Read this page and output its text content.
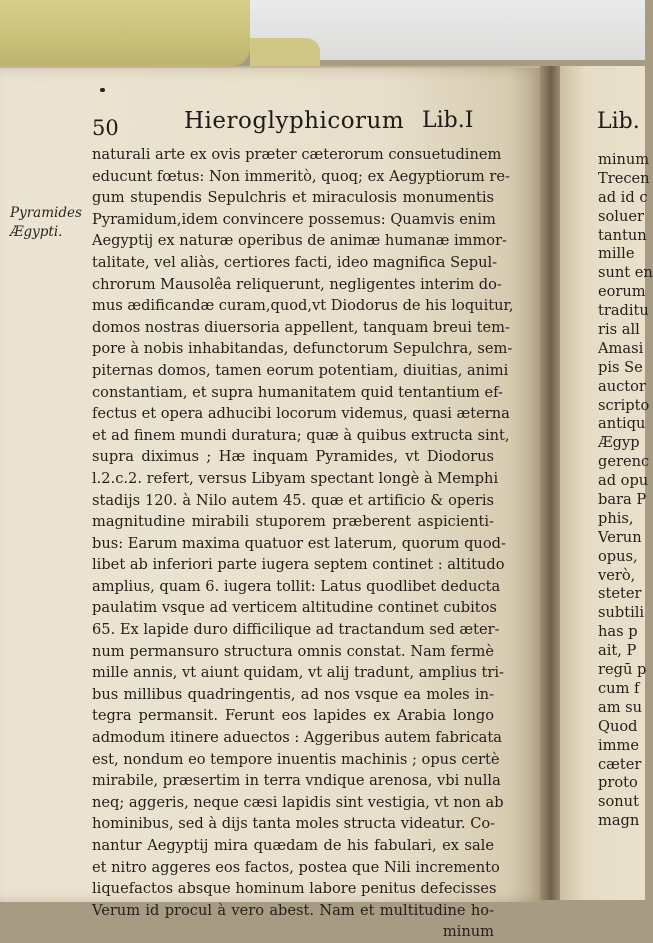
50	Hieroglyphicorum Lib.I
Pyramides
Ægypti.
naturali arte ex ovis præter cæterorum consuetudinem
educunt fœtus: Non immeritò, quoq; ex Aegyptiorum re-
gum stupendis Sepulchris et miraculosis monumentis
Pyramidum,idem convincere possemus: Quamvis enim
Aegyptij ex naturæ operibus de animæ humanæ immor-
talitate, vel aliàs, certiores facti, ideo magnifica Sepul-
chrorum Mausolêa reliquerunt, negligentes interim do-
mus ædificandæ curam,quod,vt Diodorus de his loquitur,
domos nostras diuersoria appellent, tanquam breui tem-
pore à nobis inhabitandas, defunctorum Sepulchra, sem-
piternas domos, tamen eorum potentiam, diuitias, animi
constantiam, et supra humanitatem quid tentantium ef-
fectus et opera adhucibi locorum videmus, quasi æterna
et ad finem mundi duratura; quæ à quibus extructa sint,
supra diximus ; Hæ inquam Pyramides, vt Diodorus
l.2.c.2. refert, versus Libyam spectant longè à Memphi
stadijs 120. à Nilo autem 45. quæ et artificio & operis
magnitudine mirabili stuporem præberent aspicienti-
bus: Earum maxima quatuor est laterum, quorum quod-
libet ab inferiori parte iugera septem continet : altitudo
amplius, quam 6. iugera tollit: Latus quodlibet deducta
paulatim vsque ad verticem altitudine continet cubitos
65. Ex lapide duro difficilique ad tractandum sed æter-
num permansuro structura omnis constat. Nam fermè
mille annis, vt aiunt quidam, vt alij tradunt, amplius tri-
bus millibus quadringentis, ad nos vsque ea moles in-
tegra permansit. Ferunt eos lapides ex Arabia longo
admodum itinere aduectos : Aggeribus autem fabricata
est, nondum eo tempore inuentis machinis ; opus certè
mirabile, præsertim in terra vndique arenosa, vbi nulla
neq; aggeris, neque cæsi lapidis sint vestigia, vt non ab
hominibus, sed à dijs tanta moles structa videatur. Co-
nantur Aegyptij mira quædam de his fabulari, ex sale
et nitro aggeres eos factos, postea que Nili incremento
liquefactos absque hominum labore penitus defecisses
Verum id procul à vero abest. Nam et multitudine ho-
minum
Lib.
minum
Trecen
ad id c
soluer
tantun
mille
sunt en
eorum
traditu
ris all
Amasi
pis Se
auctor
scripto
antiqu
Ægyp
gerenc
ad opu
bara P
phis,
Verun
opus,
verò,
steter
subtili
has p
ait, P
regū p
cum f
am su
Quod
imme
cæter
proto
sonut
magn
